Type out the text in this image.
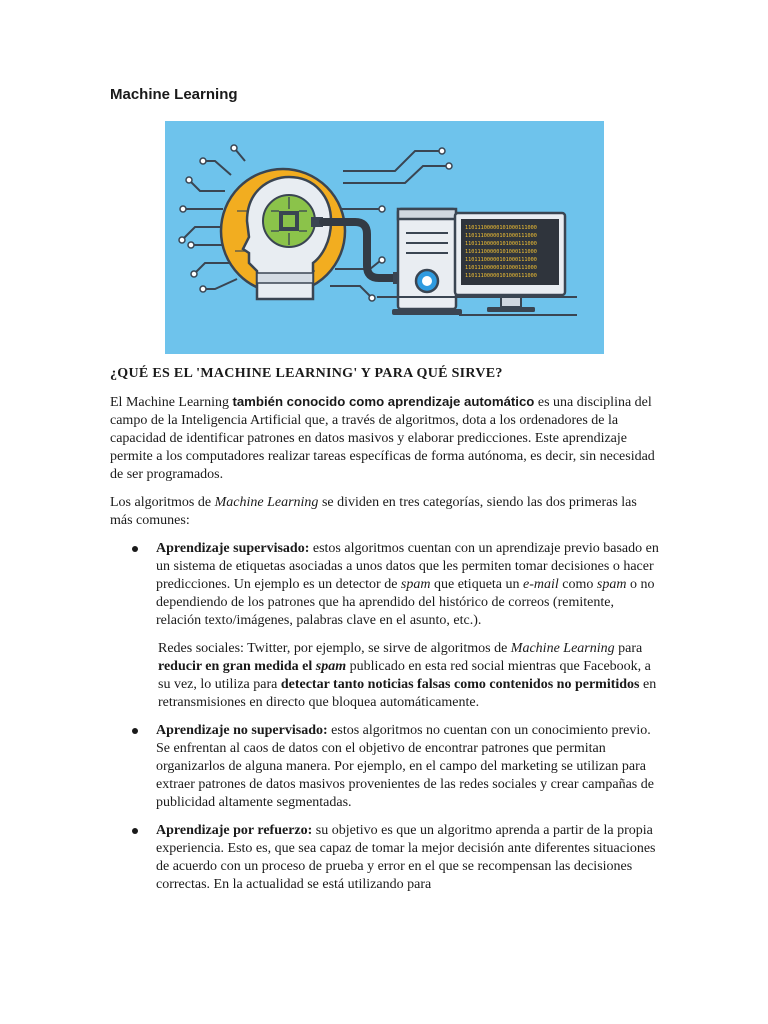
Machine Learning
11011100000101000111000
11011100000101000111000
11011100000101000111000
11011100000101000111000
11011100000101000111000
11011100000101000111000
11011100000101000111000

¿QUÉ ES EL 'MACHINE LEARNING' Y PARA QUÉ SIRVE?

El Machine Learning también conocido como aprendizaje automático es una disciplina del campo de la Inteligencia Artificial que, a través de algoritmos, dota a los ordenadores de la capacidad de identificar patrones en datos masivos y elaborar predicciones. Este aprendizaje permite a los computadores realizar tareas específicas de forma autónoma, es decir, sin necesidad de ser programados.

Los algoritmos de Machine Learning se dividen en tres categorías, siendo las dos primeras las más comunes:

Aprendizaje supervisado: estos algoritmos cuentan con un aprendizaje previo basado en un sistema de etiquetas asociadas a unos datos que les permiten tomar decisiones o hacer predicciones. Un ejemplo es un detector de spam que etiqueta un e-mail como spam o no dependiendo de los patrones que ha aprendido del histórico de correos (remitente, relación texto/imágenes, palabras clave en el asunto, etc.).

Redes sociales: Twitter, por ejemplo, se sirve de algoritmos de Machine Learning para reducir en gran medida el spam publicado en esta red social mientras que Facebook, a su vez, lo utiliza para detectar tanto noticias falsas como contenidos no permitidos en retransmisiones en directo que bloquea automáticamente.

Aprendizaje no supervisado: estos algoritmos no cuentan con un conocimiento previo. Se enfrentan al caos de datos con el objetivo de encontrar patrones que permitan organizarlos de alguna manera. Por ejemplo, en el campo del marketing se utilizan para extraer patrones de datos masivos provenientes de las redes sociales y crear campañas de publicidad altamente segmentadas.
Aprendizaje por refuerzo: su objetivo es que un algoritmo aprenda a partir de la propia experiencia. Esto es, que sea capaz de tomar la mejor decisión ante diferentes situaciones de acuerdo con un proceso de prueba y error en el que se recompensan las decisiones correctas. En la actualidad se está utilizando para
